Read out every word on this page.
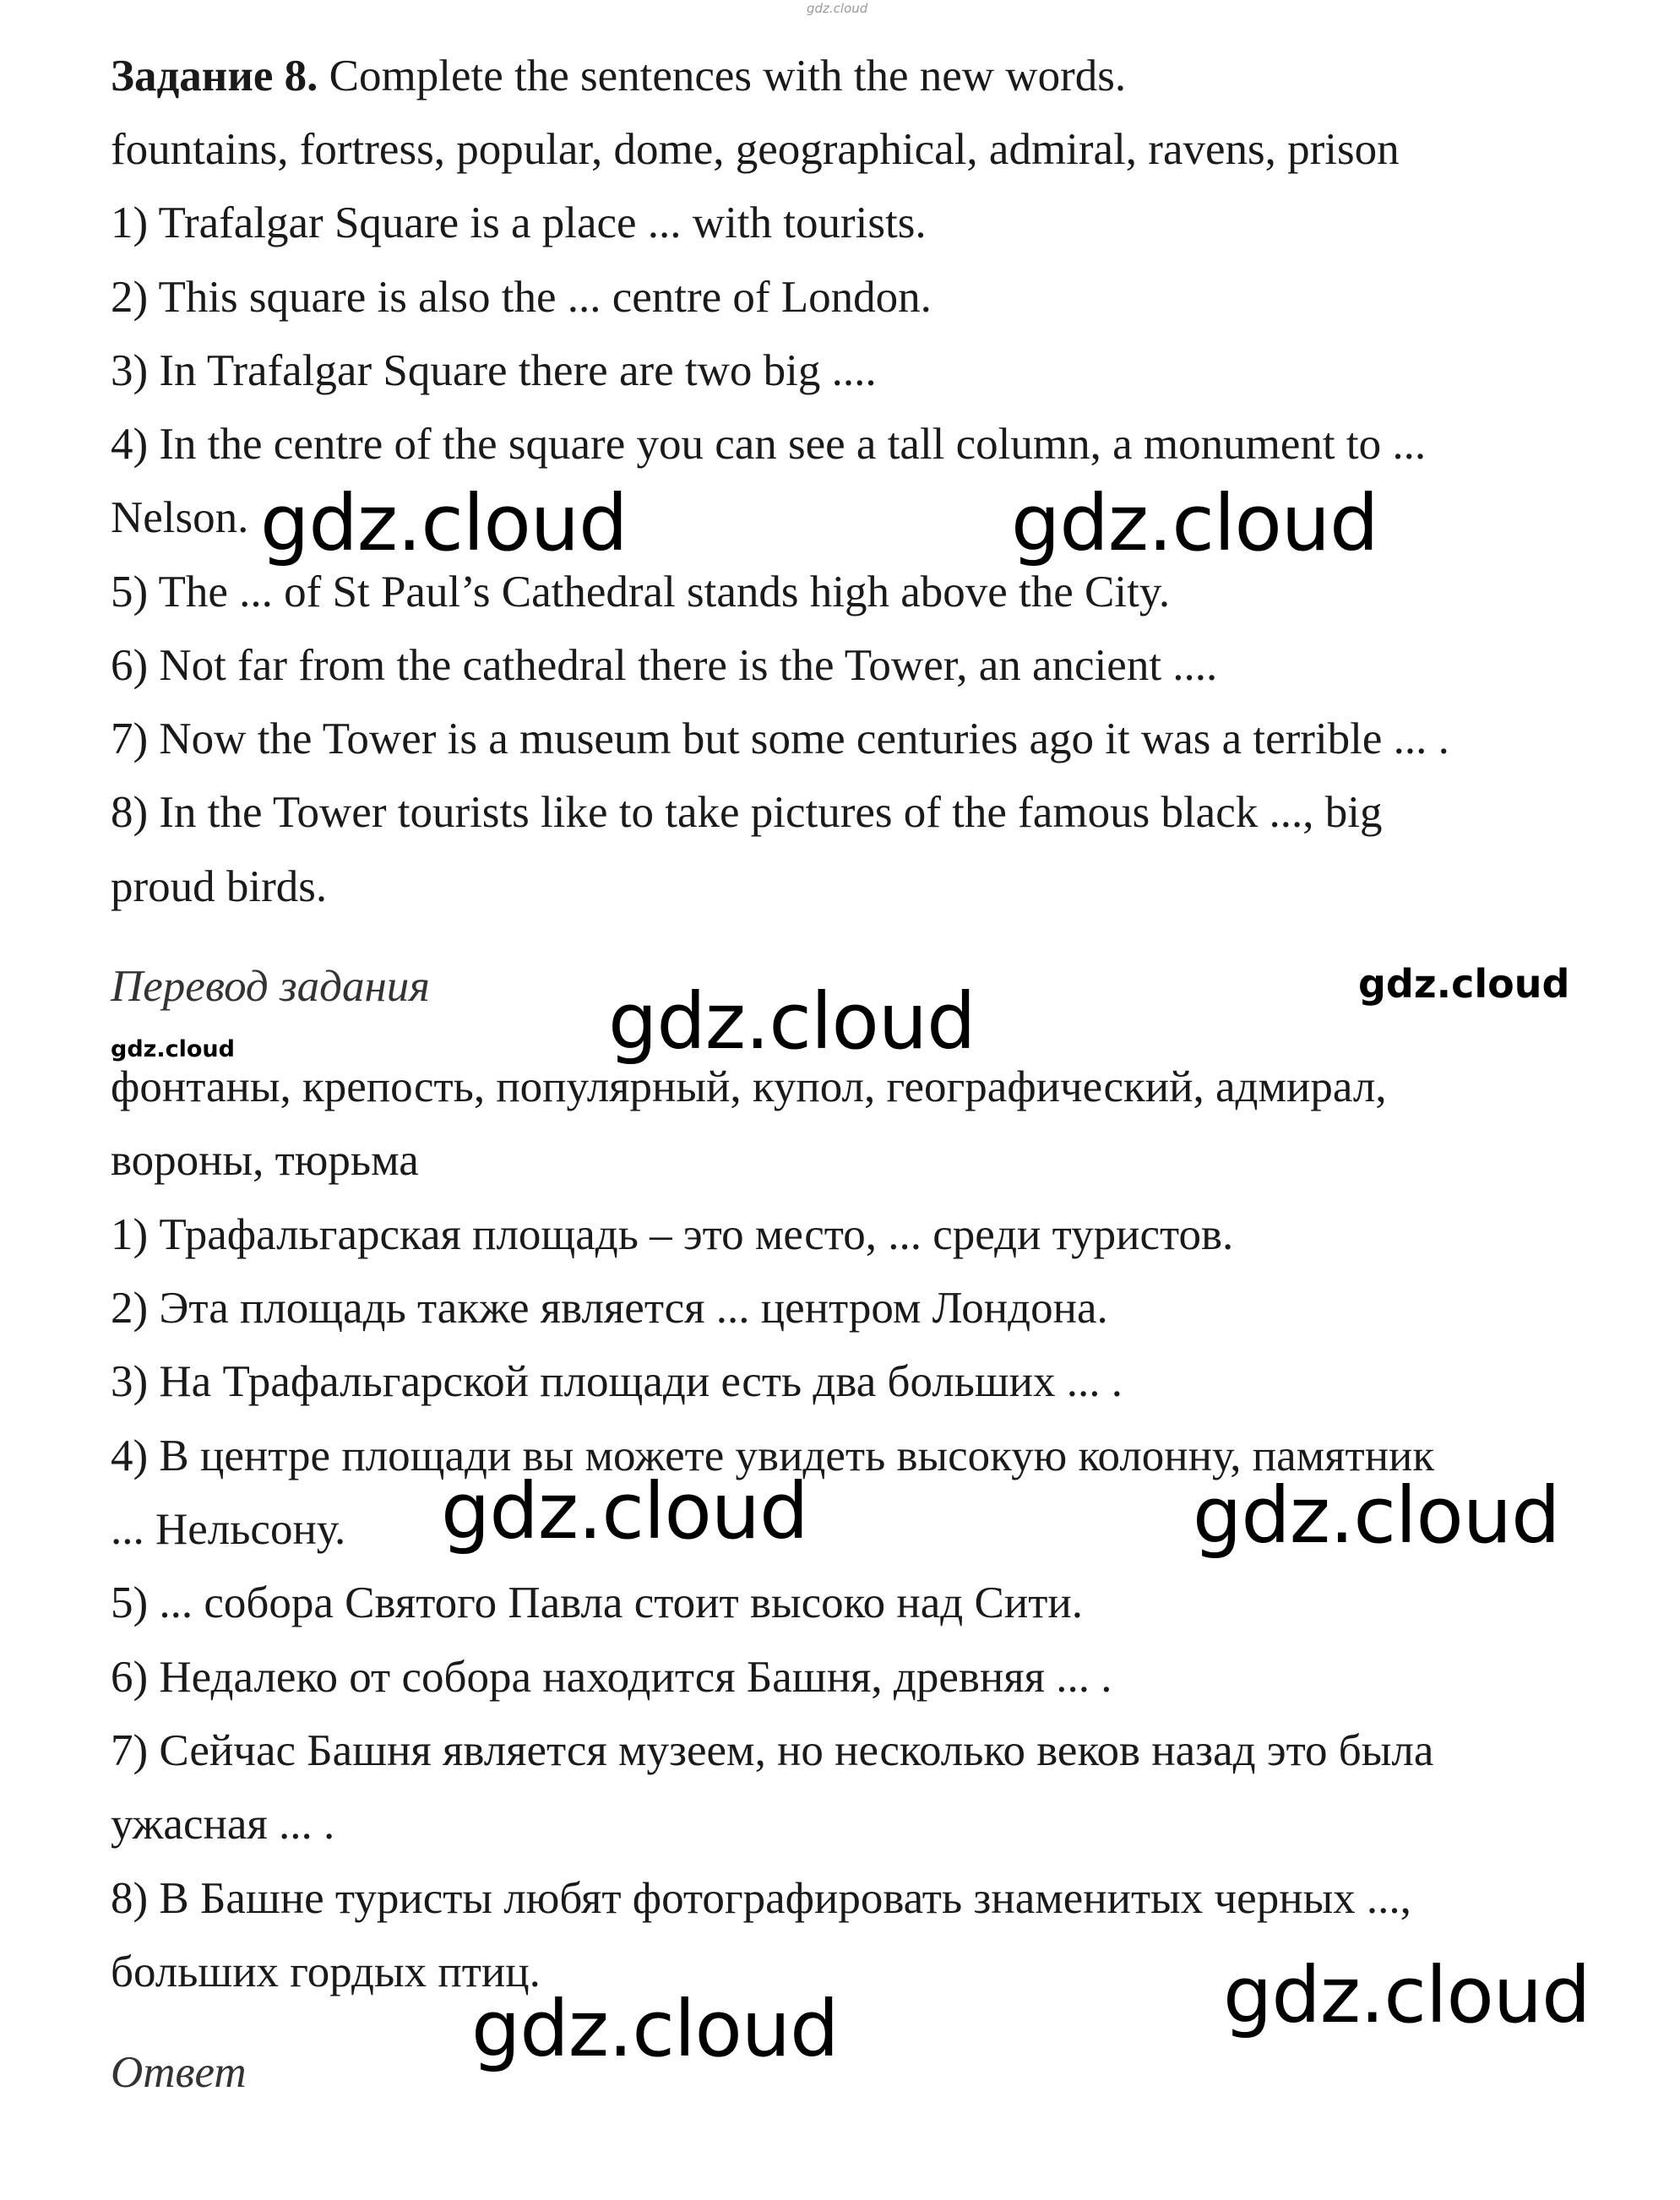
gdz.cloud
Задание 8. Complete the sentences with the new words.
fountains, fortress, popular, dome, geographical, admiral, ravens, prison
1) Trafalgar Square is a place ... with tourists.
2) This square is also the ... centre of London.
3) In Trafalgar Square there are two big ....
4) In the centre of the square you can see a tall column, a monument to ...
Nelson.
5) The ... of St Paul’s Cathedral stands high above the City.
6) Not far from the cathedral there is the Tower, an ancient ....
7) Now the Tower is a museum but some centuries ago it was a terrible ... .
8) In the Tower tourists like to take pictures of the famous black ..., big
proud birds.
gdz.cloud	gdz.cloud
Перевод задания	gdz.cloud
gdz.cloud
gdz.cloud
фонтаны, крепость, популярный, купол, географический, адмирал,
вороны, тюрьма
1) Трафальгарская площадь – это место, ... среди туристов.
2) Эта площадь также является ... центром Лондона.
3) На Трафальгарской площади есть два больших ... .
4) В центре площади вы можете увидеть высокую колонну, памятник
... Нельсону. gdz.cloud	gdz.cloud
5) ... собора Святого Павла стоит высоко над Сити.
6) Недалеко от собора находится Башня, древняя ... .
7) Сейчас Башня является музеем, но несколько веков назад это была
ужасная ... .
8) В Башне туристы любят фотографировать знаменитых черных ...,
больших гордых птиц.	gdz.cloud
gdz.cloud
Ответ
